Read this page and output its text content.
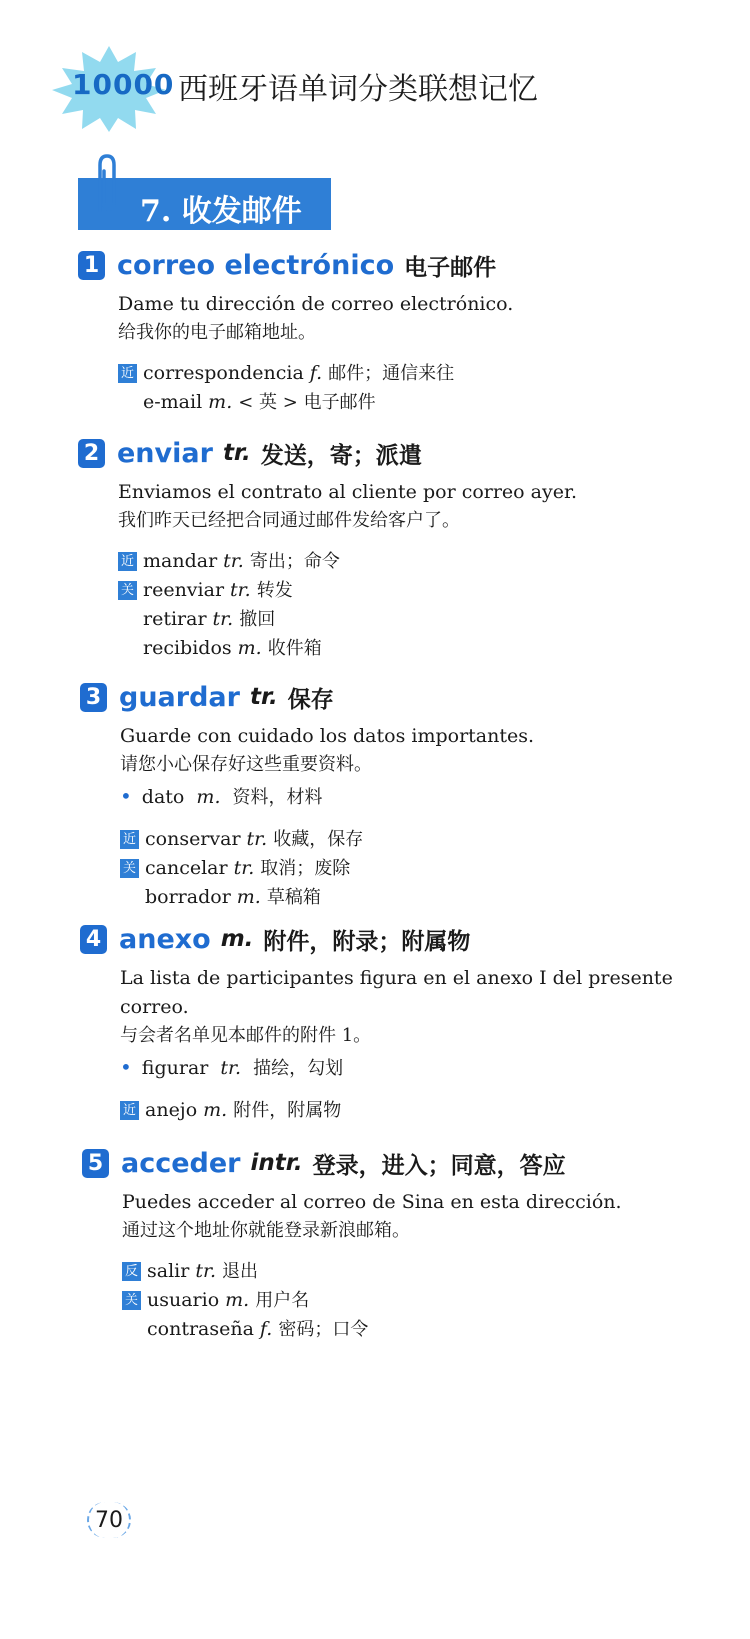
10000 西班牙语单词分类联想记忆
7. 收发邮件
1 correo electrónico 电子邮件
Dame tu dirección de correo electrónico.
给我你的电子邮箱地址。
近 correspondencia f. 邮件；通信来往
e-mail m. < 英 > 电子邮件
2 enviar tr. 发送，寄；派遣
Enviamos el contrato al cliente por correo ayer.
我们昨天已经把合同通过邮件发给客户了。
近 mandar tr. 寄出；命令
关 reenviar tr. 转发
retirar tr. 撤回
recibidos m. 收件箱
3 guardar tr. 保存
Guarde con cuidado los datos importantes.
请您小心保存好这些重要资料。
• dato m. 资料，材料
近 conservar tr. 收藏，保存
关 cancelar tr. 取消；废除
borrador m. 草稿箱
4 anexo m. 附件，附录；附属物
La lista de participantes figura en el anexo I del presente correo.
与会者名单见本邮件的附件 1。
• figurar tr. 描绘，勾划
近 anejo m. 附件，附属物
5 acceder intr. 登录，进入；同意，答应
Puedes acceder al correo de Sina en esta dirección.
通过这个地址你就能登录新浪邮箱。
反 salir tr. 退出
关 usuario m. 用户名
contraseña f. 密码；口令
70
